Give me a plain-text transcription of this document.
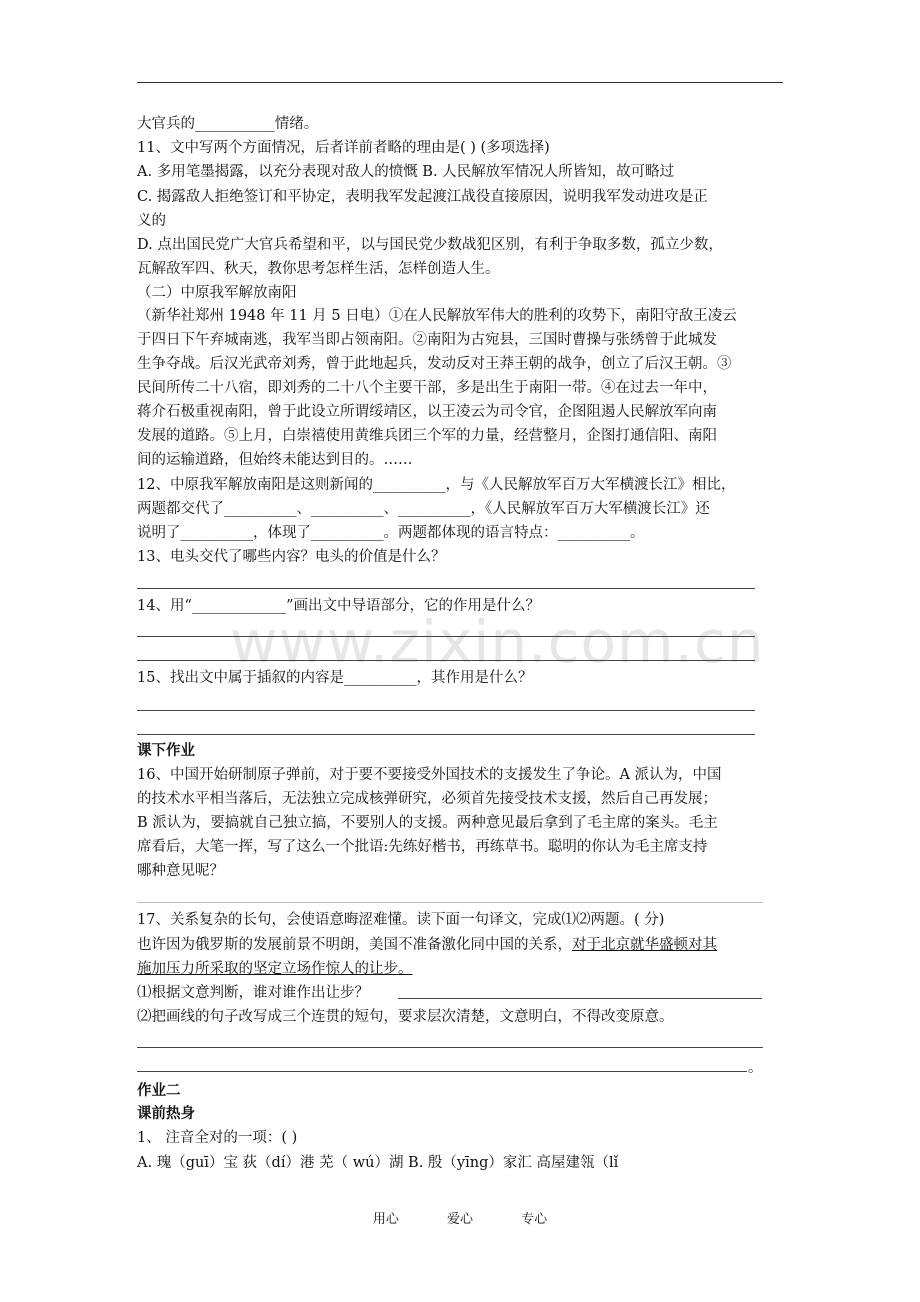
www.zixin.com.cn
大官兵的___________情绪。
11、文中写两个方面情况，后者详前者略的理由是( ) (多项选择)
A. 多用笔墨揭露，以充分表现对敌人的愤慨 B. 人民解放军情况人所皆知，故可略过
C. 揭露敌人拒绝签订和平协定，表明我军发起渡江战役直接原因，说明我军发动进攻是正
义的
D. 点出国民党广大官兵希望和平，以与国民党少数战犯区别，有利于争取多数，孤立少数，
瓦解敌军四、秋天，教你思考怎样生活，怎样创造人生。
（二）中原我军解放南阳
（新华社郑州 1948 年 11 月 5 日电）①在人民解放军伟大的胜利的攻势下，南阳守敌王凌云
于四日下午弃城南逃，我军当即占领南阳。②南阳为古宛县，三国时曹操与张绣曾于此城发
生争夺战。后汉光武帝刘秀，曾于此地起兵，发动反对王莽王朝的战争，创立了后汉王朝。③
民间所传二十八宿，即刘秀的二十八个主要干部，多是出生于南阳一带。④在过去一年中，
蒋介石极重视南阳，曾于此设立所谓绥靖区，以王凌云为司令官，企图阻遏人民解放军向南
发展的道路。⑤上月，白崇禧使用黄维兵团三个军的力量，经营整月，企图打通信阳、南阳
间的运输道路，但始终未能达到目的。……
12、中原我军解放南阳是这则新闻的__________，与《人民解放军百万大军横渡长江》相比，
两题都交代了__________、__________、__________，《人民解放军百万大军横渡长江》还
说明了__________，体现了__________。两题都体现的语言特点：__________。
13、电头交代了哪些内容？电头的价值是什么？
14、用“_____________”画出文中导语部分，它的作用是什么？
15、找出文中属于插叙的内容是__________，其作用是什么？
课下作业
16、中国开始研制原子弹前，对于要不要接受外国技术的支援发生了争论。A 派认为，中国
的技术水平相当落后，无法独立完成核弹研究，必须首先接受技术支援，然后自己再发展；
B 派认为，要搞就自己独立搞，不要别人的支援。两种意见最后拿到了毛主席的案头。毛主
席看后，大笔一挥，写了这么一个批语:先练好楷书，再练草书。聪明的你认为毛主席支持
哪种意见呢？
17、关系复杂的长句，会使语意晦涩难懂。读下面一句译文，完成⑴⑵两题。( 分)
也许因为俄罗斯的发展前景不明朗，美国不准备激化同中国的关系，对于北京就华盛顿对其
施加压力所采取的坚定立场作惊人的让步。
⑴根据文意判断，谁对谁作出让步？
⑵把画线的句子改写成三个连贯的短句，要求层次清楚，文意明白，不得改变原意。
。
作业二
课前热身
1、 注音全对的一项：( )
A. 瑰（guī）宝 荻（dí）港 芜（ wú）湖 B. 殷（yīng）家汇 高屋建瓴（lǐ
用心	爱心	专心
